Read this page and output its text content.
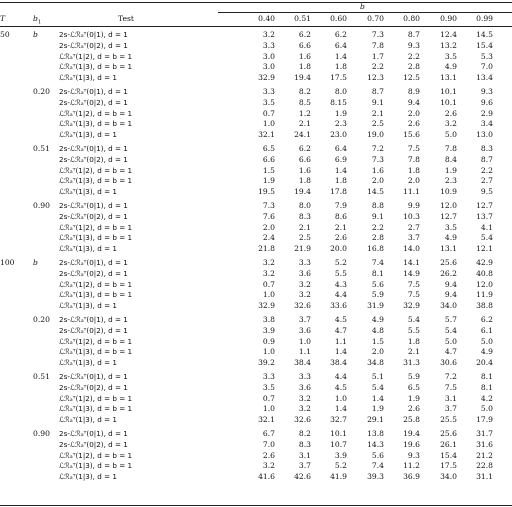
b
T	$b_1$	Test	0.40	0.51	0.60	0.70	0.80	0.90	0.99
50	b	2s-ℒℛₐᵀ(0|1), d = 1	3.2	6.2	6.2	7.3	8.7	12.4	14.5
2s-ℒℛₐᵀ(0|2), d = 1	3.3	6.6	6.4	7.8	9.3	13.2	15.4
ℒℛₐᵀ(1|2), d = b = 1	3.0	1.6	1.4	1.7	2.2	3.5	5.3
ℒℛₐᵀ(1|3), d = b = 1	3.0	1.8	1.8	2.2	2.8	4.9	7.0
ℒℛₐᵀ(1|3), d = 1	32.9	19.4	17.5	12.3	12.5	13.1	13.4
0.20 2s-ℒℛₐᵀ(0|1), d = 1	3.3	8.2	8.0	8.7	8.9	10.1	9.3
2s-ℒℛₐᵀ(0|2), d = 1	3.5	8.5	8.15	9.1	9.4	10.1	9.6
ℒℛₐᵀ(1|2), d = b = 1	0.7	1.2	1.9	2.1	2.0	2.6	2.9
ℒℛₐᵀ(1|3), d = b = 1	1.0	2.1	2.3	2.5	2.6	3.2	3.4
ℒℛₐᵀ(1|3), d = 1	32.1	24.1	23.0	19.0	15.6	5.0	13.0
0.51 2s-ℒℛₐᵀ(0|1), d = 1	6.5	6.2	6.4	7.2	7.5	7.8	8.3
2s-ℒℛₐᵀ(0|2), d = 1	6.6	6.6	6.9	7.3	7.8	8.4	8.7
ℒℛₐᵀ(1|2), d = b = 1	1.5	1.6	1.4	1.6	1.8	1.9	2.2
ℒℛₐᵀ(1|3), d = b = 1	1.9	1.8	1.8	2.0	2.0	2.3	2.7
ℒℛₐᵀ(1|3), d = 1	19.5	19.4	17.8	14.5	11.1	10.9	9.5
0.90 2s-ℒℛₐᵀ(0|1), d = 1	7.3	8.0	7.9	8.8	9.9	12.0	12.7
2s-ℒℛₐᵀ(0|2), d = 1	7.6	8.3	8.6	9.1	10.3	12.7	13.7
ℒℛₐᵀ(1|2), d = b = 1	2.0	2.1	2.1	2.2	2.7	3.5	4.1
ℒℛₐᵀ(1|3), d = b = 1	2.4	2.5	2.6	2.8	3.7	4.9	5.4
ℒℛₐᵀ(1|3), d = 1	21.8	21.9	20.0	16.8	14.0	13.1	12.1
100 b	2s-ℒℛₐᵀ(0|1), d = 1	3.2	3.3	5.2	7.4	14.1	25.6	42.9
2s-ℒℛₐᵀ(0|2), d = 1	3.2	3.6	5.5	8.1	14.9	26.2	40.8
ℒℛₐᵀ(1|2), d = b = 1	0.7	3.2	4.3	5.6	7.5	9.4	12.0
ℒℛₐᵀ(1|3), d = b = 1	1.0	3.2	4.4	5.9	7.5	9.4	11.9
ℒℛₐᵀ(1|3), d = 1	32.9	32.6	33.6	31.9	32.9	34.0	38.8
0.20 2s-ℒℛₐᵀ(0|1), d = 1	3.8	3.7	4.5	4.9	5.4	5.7	6.2
2s-ℒℛₐᵀ(0|2), d = 1	3.9	3.6	4.7	4.8	5.5	5.4	6.1
ℒℛₐᵀ(1|2), d = b = 1	0.9	1.0	1.1	1.5	1.8	5.0	5.0
ℒℛₐᵀ(1|3), d = b = 1	1.0	1.1	1.4	2.0	2.1	4.7	4.9
ℒℛₐᵀ(1|3), d = 1	39.2	38.4	38.4	34.8	31.3	30.6	20.4
0.51 2s-ℒℛₐᵀ(0|1), d = 1	3.3	3.3	4.4	5.1	5.9	7.2	8.1
2s-ℒℛₐᵀ(0|2), d = 1	3.5	3.6	4.5	5.4	6.5	7.5	8.1
ℒℛₐᵀ(1|2), d = b = 1	0.7	3.2	1.0	1.4	1.9	3.1	4.2
ℒℛₐᵀ(1|3), d = b = 1	1.0	3.2	1.4	1.9	2.6	3.7	5.0
ℒℛₐᵀ(1|3), d = 1	32.1	32.6	32.7	29.1	25.8	25.5	17.9
0.90 2s-ℒℛₐᵀ(0|1), d = 1	6.7	8.2	10.1	13.8	19.4	25.6	31.7
2s-ℒℛₐᵀ(0|2), d = 1	7.0	8.3	10.7	14.3	19.6	26.1	31.6
ℒℛₐᵀ(1|2), d = b = 1	2.6	3.1	3.9	5.6	9.3	15.4	21.2
ℒℛₐᵀ(1|3), d = b = 1	3.2	3.7	5.2	7.4	11.2	17.5	22.8
ℒℛₐᵀ(1|3), d = 1	41.6	42.6	41.9	39.3	36.9	34.0	31.1
